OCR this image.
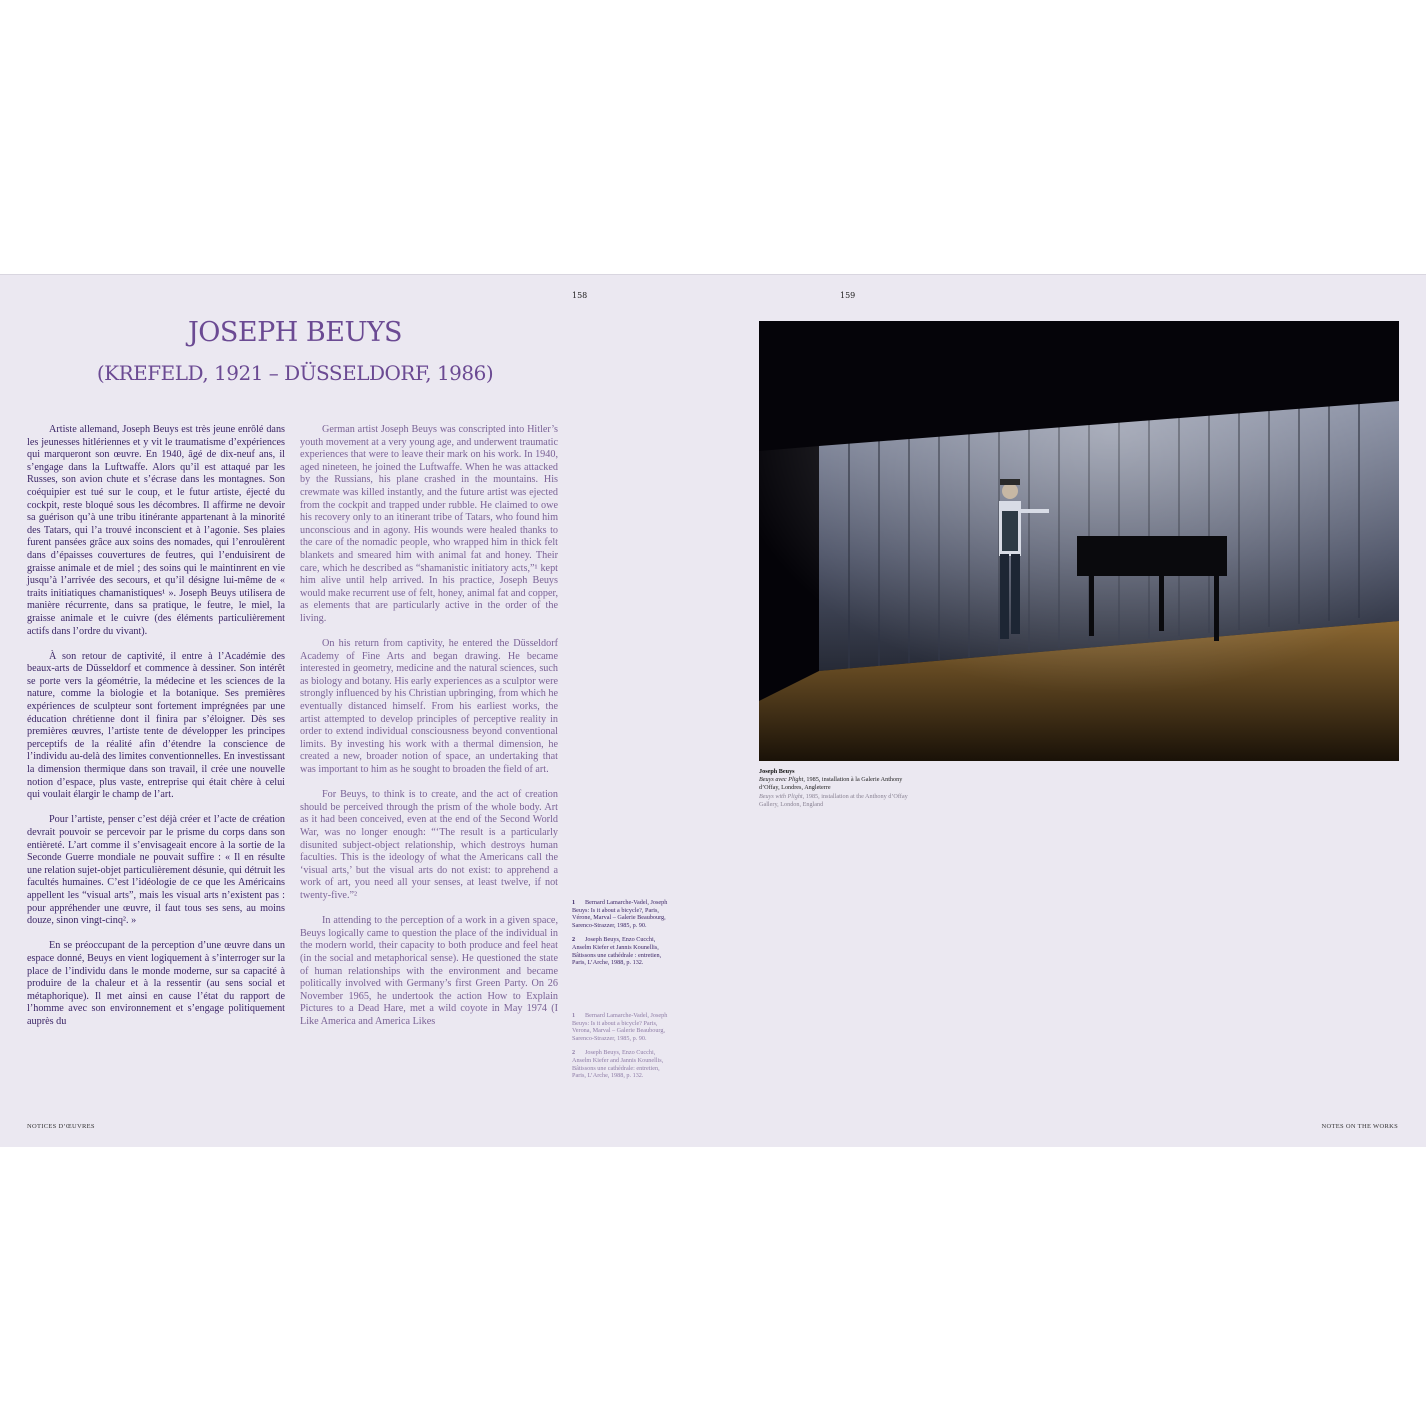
158	159
JOSEPH BEUYS
(KREFELD, 1921 – DÜSSELDORF, 1986)

Artiste allemand, Joseph Beuys est très jeune enrôlé dans les jeunesses hitlériennes et y vit le traumatisme d’expériences qui marqueront son œuvre. En 1940, âgé de dix-neuf ans, il s’engage dans la Luftwaffe. Alors qu’il est attaqué par les Russes, son avion chute et s’écrase dans les montagnes. Son coéquipier est tué sur le coup, et le futur artiste, éjecté du cockpit, reste bloqué sous les décombres. Il affirme ne devoir sa guérison qu’à une tribu itinérante appartenant à la minorité des Tatars, qui l’a trouvé inconscient et à l’agonie. Ses plaies furent pansées grâce aux soins des nomades, qui l’enroulèrent dans d’épaisses couvertures de feutres, qui l’enduisirent de graisse animale et de miel ; des soins qui le maintinrent en vie jusqu’à l’arrivée des secours, et qu’il désigne lui-même de « traits initiatiques chamanistiques¹ ». Joseph Beuys utilisera de manière récurrente, dans sa pratique, le feutre, le miel, la graisse animale et le cuivre (des éléments particulièrement actifs dans l’ordre du vivant).

À son retour de captivité, il entre à l’Académie des beaux-arts de Düsseldorf et commence à dessiner. Son intérêt se porte vers la géométrie, la médecine et les sciences de la nature, comme la biologie et la botanique. Ses premières expériences de sculpteur sont fortement imprégnées par une éducation chrétienne dont il finira par s’éloigner. Dès ses premières œuvres, l’artiste tente de développer les principes perceptifs de la réalité afin d’étendre la conscience de l’individu au-delà des limites conventionnelles. En investissant la dimension thermique dans son travail, il crée une nouvelle notion d’espace, plus vaste, entreprise qui était chère à celui qui voulait élargir le champ de l’art.

Pour l’artiste, penser c’est déjà créer et l’acte de création devrait pouvoir se percevoir par le prisme du corps dans son entièreté. L’art comme il s’envisageait encore à la sortie de la Seconde Guerre mondiale ne pouvait suffire : « Il en résulte une relation sujet-objet particulièrement désunie, qui détruit les facultés humaines. C’est l’idéologie de ce que les Américains appellent les “visual arts”, mais les visual arts n’existent pas : pour appréhender une œuvre, il faut tous ses sens, au moins douze, sinon vingt-cinq². »

En se préoccupant de la perception d’une œuvre dans un espace donné, Beuys en vient logiquement à s’interroger sur la place de l’individu dans le monde moderne, sur sa capacité à produire de la chaleur et à la ressentir (au sens social et métaphorique). Il met ainsi en cause l’état du rapport de l’homme avec son environnement et s’engage politiquement auprès du

German artist Joseph Beuys was conscripted into Hitler’s youth movement at a very young age, and underwent traumatic experiences that were to leave their mark on his work. In 1940, aged nineteen, he joined the Luftwaffe. When he was attacked by the Russians, his plane crashed in the mountains. His crewmate was killed instantly, and the future artist was ejected from the cockpit and trapped under rubble. He claimed to owe his recovery only to an itinerant tribe of Tatars, who found him unconscious and in agony. His wounds were healed thanks to the care of the nomadic people, who wrapped him in thick felt blankets and smeared him with animal fat and honey. Their care, which he described as “shamanistic initiatory acts,”¹ kept him alive until help arrived. In his practice, Joseph Beuys would make recurrent use of felt, honey, animal fat and copper, as elements that are particularly active in the order of the living.

On his return from captivity, he entered the Düsseldorf Academy of Fine Arts and began drawing. He became interested in geometry, medicine and the natural sciences, such as biology and botany. His early experiences as a sculptor were strongly influenced by his Christian upbringing, from which he eventually distanced himself. From his earliest works, the artist attempted to develop principles of perceptive reality in order to extend individual consciousness beyond conventional limits. By investing his work with a thermal dimension, he created a new, broader notion of space, an undertaking that was important to him as he sought to broaden the field of art.

For Beuys, to think is to create, and the act of creation should be perceived through the prism of the whole body. Art as it had been conceived, even at the end of the Second World War, was no longer enough: “‘The result is a particularly disunited subject-object relationship, which destroys human faculties. This is the ideology of what the Americans call the ‘visual arts,’ but the visual arts do not exist: to apprehend a work of art, you need all your senses, at least twelve, if not twenty-five.”²

In attending to the perception of a work in a given space, Beuys logically came to question the place of the individual in the modern world, their capacity to both produce and feel heat (in the social and metaphorical sense). He questioned the state of human relationships with the environment and became politically involved with Germany’s first Green Party. On 26 November 1965, he undertook the action How to Explain Pictures to a Dead Hare, met a wild coyote in May 1974 (I Like America and America Likes

1 Bernard Lamarche-Vadel, Joseph Beuys: Is it about a bicycle?, Paris, Vérone, Marval – Galerie Beaubourg, Sarenco-Strazzer, 1985, p. 90.
2 Joseph Beuys, Enzo Cucchi, Anselm Kiefer et Jannis Kounellis, Bâtissons une cathédrale : entretien, Paris, L’Arche, 1988, p. 132.
1 Bernard Lamarche-Vadel, Joseph Beuys: Is it about a bicycle? Paris, Verona, Marval – Galerie Beaubourg, Sarenco-Strazzer, 1985, p. 90.
2 Joseph Beuys, Enzo Cucchi, Anselm Kiefer and Jannis Kounellis, Bâtissons une cathédrale: entretien, Paris, L’Arche, 1988, p. 132.
Joseph Beuys
Beuys avec Plight, 1985, installation à la Galerie Anthony d’Offay, Londres, Angleterre
Beuys with Plight, 1985, installation at the Anthony d’Offay Gallery, London, England
NOTICES D’ŒUVRES	NOTES ON THE WORKS
